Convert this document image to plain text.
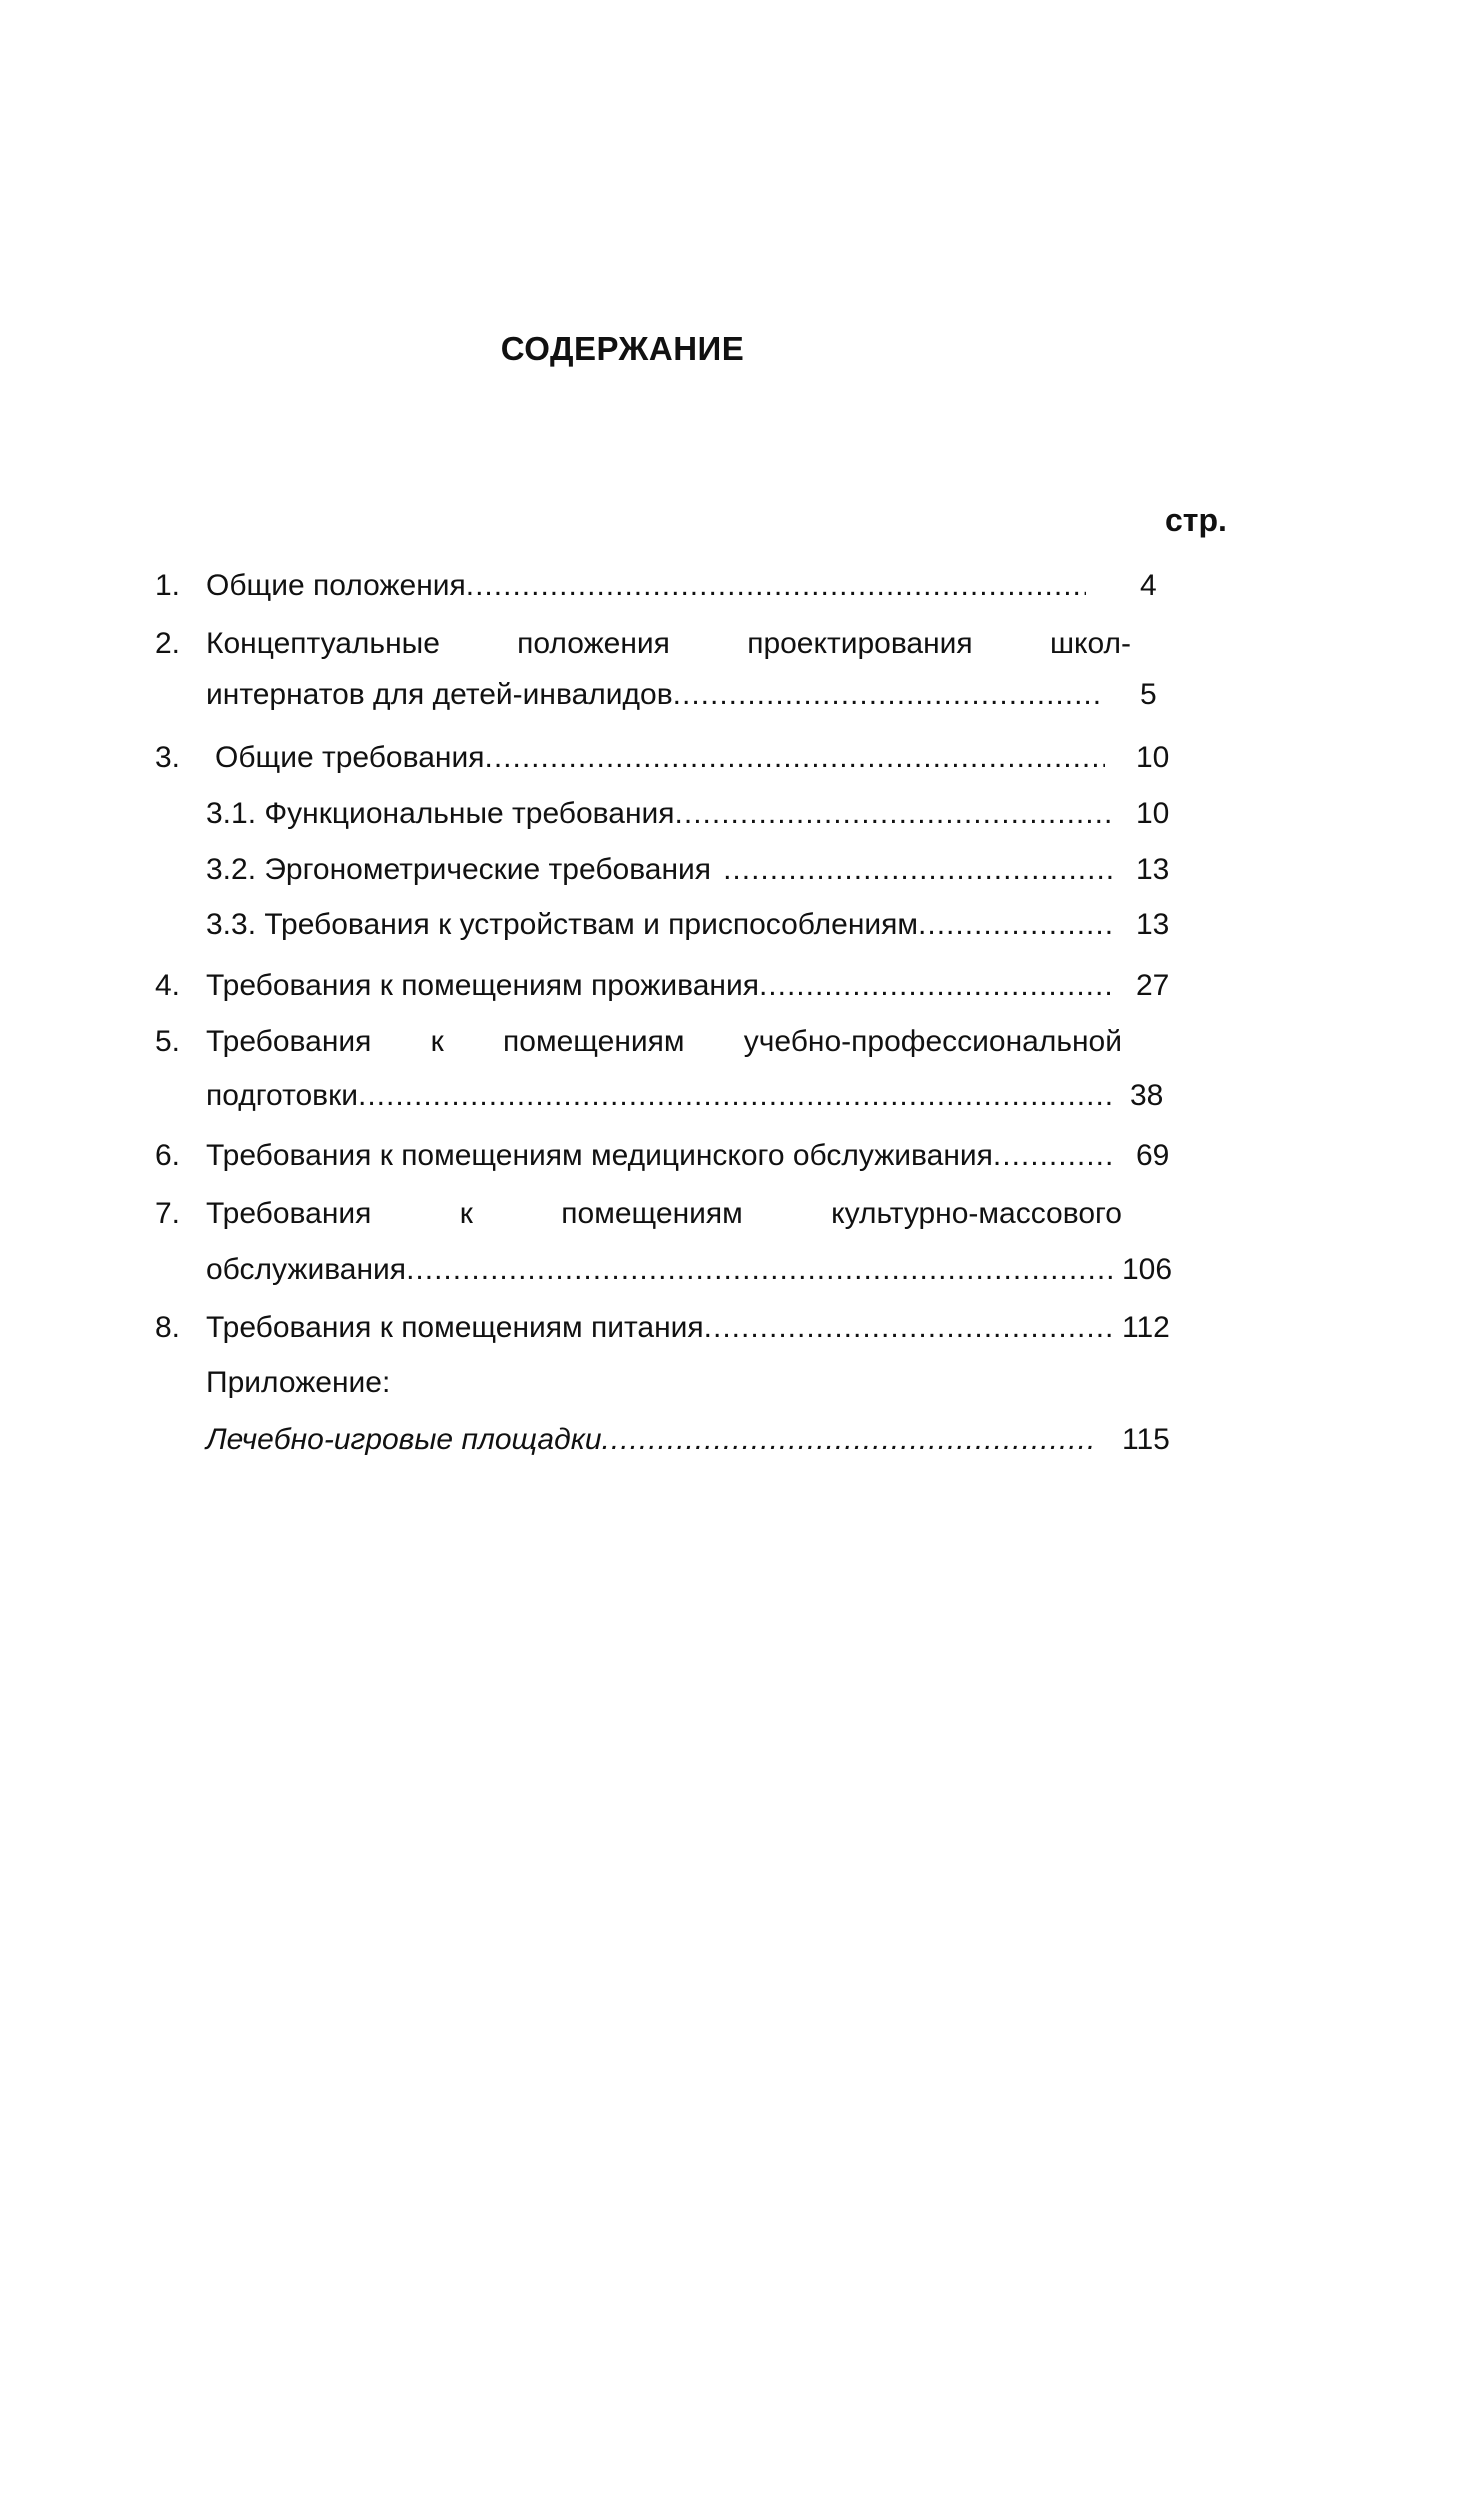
СОДЕРЖАНИЕ
стр.
1. Общие положения .....	4
2. Концептуальные положения проектирования школ-
интернатов для детей-инвалидов .....	5
3.	Общие требования .....	10
3.1. Функциональные требования .....	10
3.2. Эргонометрические требования .....	13
3.3. Требования к устройствам и приспособлениям .....	13
4. Требования к помещениям проживания .....	27
5. Требования к помещениям учебно-профессиональной
подготовки .....	38
6. Требования к помещениям медицинского обслуживания .....	69
7. Требования к помещениям культурно-массового
обслуживания .....	106
8. Требования к помещениям питания .....	112
Приложение:
Лечебно-игровые площадки .....	115
